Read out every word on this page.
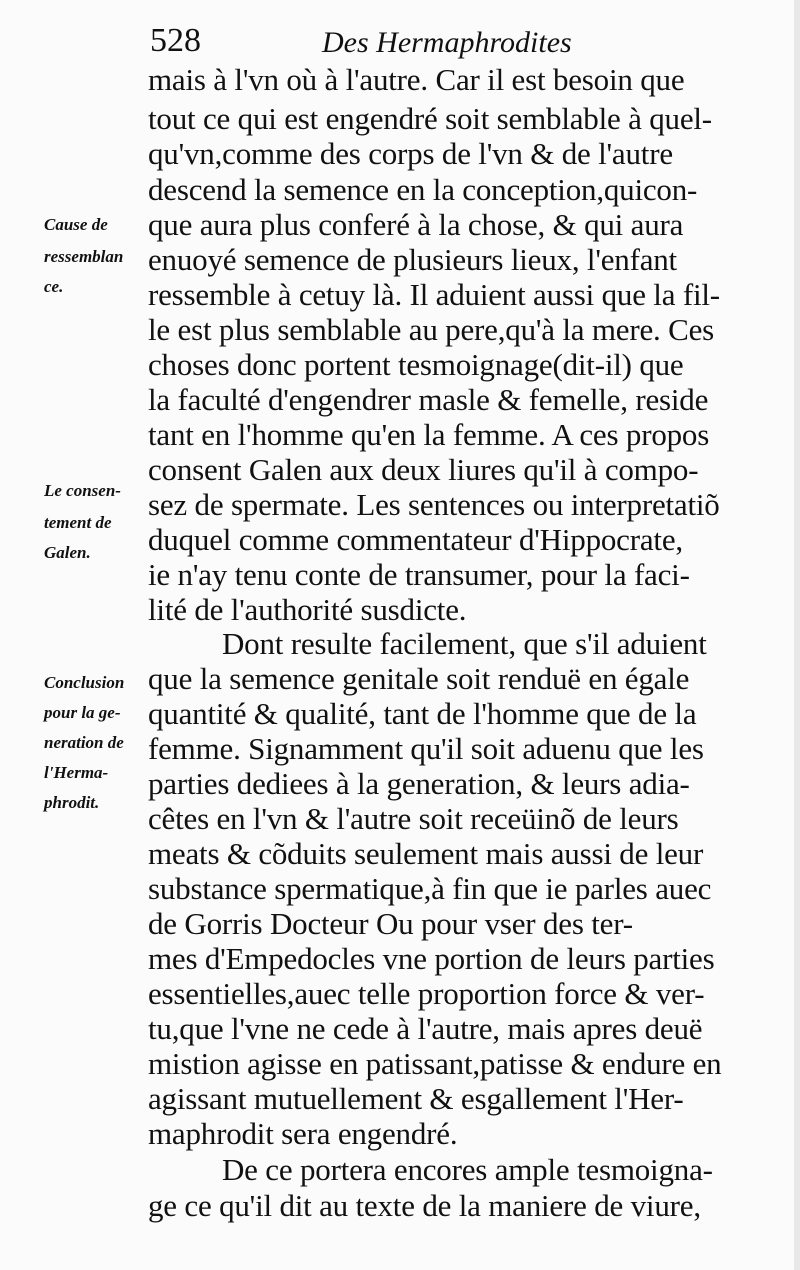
528	Des Hermaphrodites
mais à l'vn où à l'autre. Car il est besoin que
tout ce qui est engendré soit semblable à quel-
qu'vn,comme des corps de l'vn & de l'autre
descend la semence en la conception,quicon-
que aura plus conferé à la chose, & qui aura
enuoyé semence de plusieurs lieux, l'enfant
ressemble à cetuy là. Il aduient aussi que la fil-
le est plus semblable au pere,qu'à la mere. Ces
choses donc portent tesmoignage(dit-il) que
la faculté d'engendrer masle & femelle, reside
tant en l'homme qu'en la femme. A ces propos
consent Galen aux deux liures qu'il à compo-
sez de spermate. Les sentences ou interpretatiõ
duquel comme commentateur d'Hippocrate,
ie n'ay tenu conte de transumer, pour la faci-
lité de l'authorité susdicte.
Dont resulte facilement, que s'il aduient
que la semence genitale soit renduë en égale
quantité & qualité, tant de l'homme que de la
femme. Signamment qu'il soit aduenu que les
parties dediees à la generation, & leurs adia-
cêtes en l'vn & l'autre soit receüinõ de leurs
meats & cõduits seulement mais aussi de leur
substance spermatique,à fin que ie parles auec
de Gorris Docteur Ou pour vser des ter-
mes d'Empedocles vne portion de leurs parties
essentielles,auec telle proportion force & ver-
tu,que l'vne ne cede à l'autre, mais apres deuë
mistion agisse en patissant,patisse & endure en
agissant mutuellement & esgallement l'Her-
maphrodit sera engendré.
De ce portera encores ample tesmoigna-
ge ce qu'il dit au texte de la maniere de viure,
Cause de
ressemblan
ce.
Le consen-
tement de
Galen.
Conclusion
pour la ge-
neration de
l'Herma-
phrodit.
